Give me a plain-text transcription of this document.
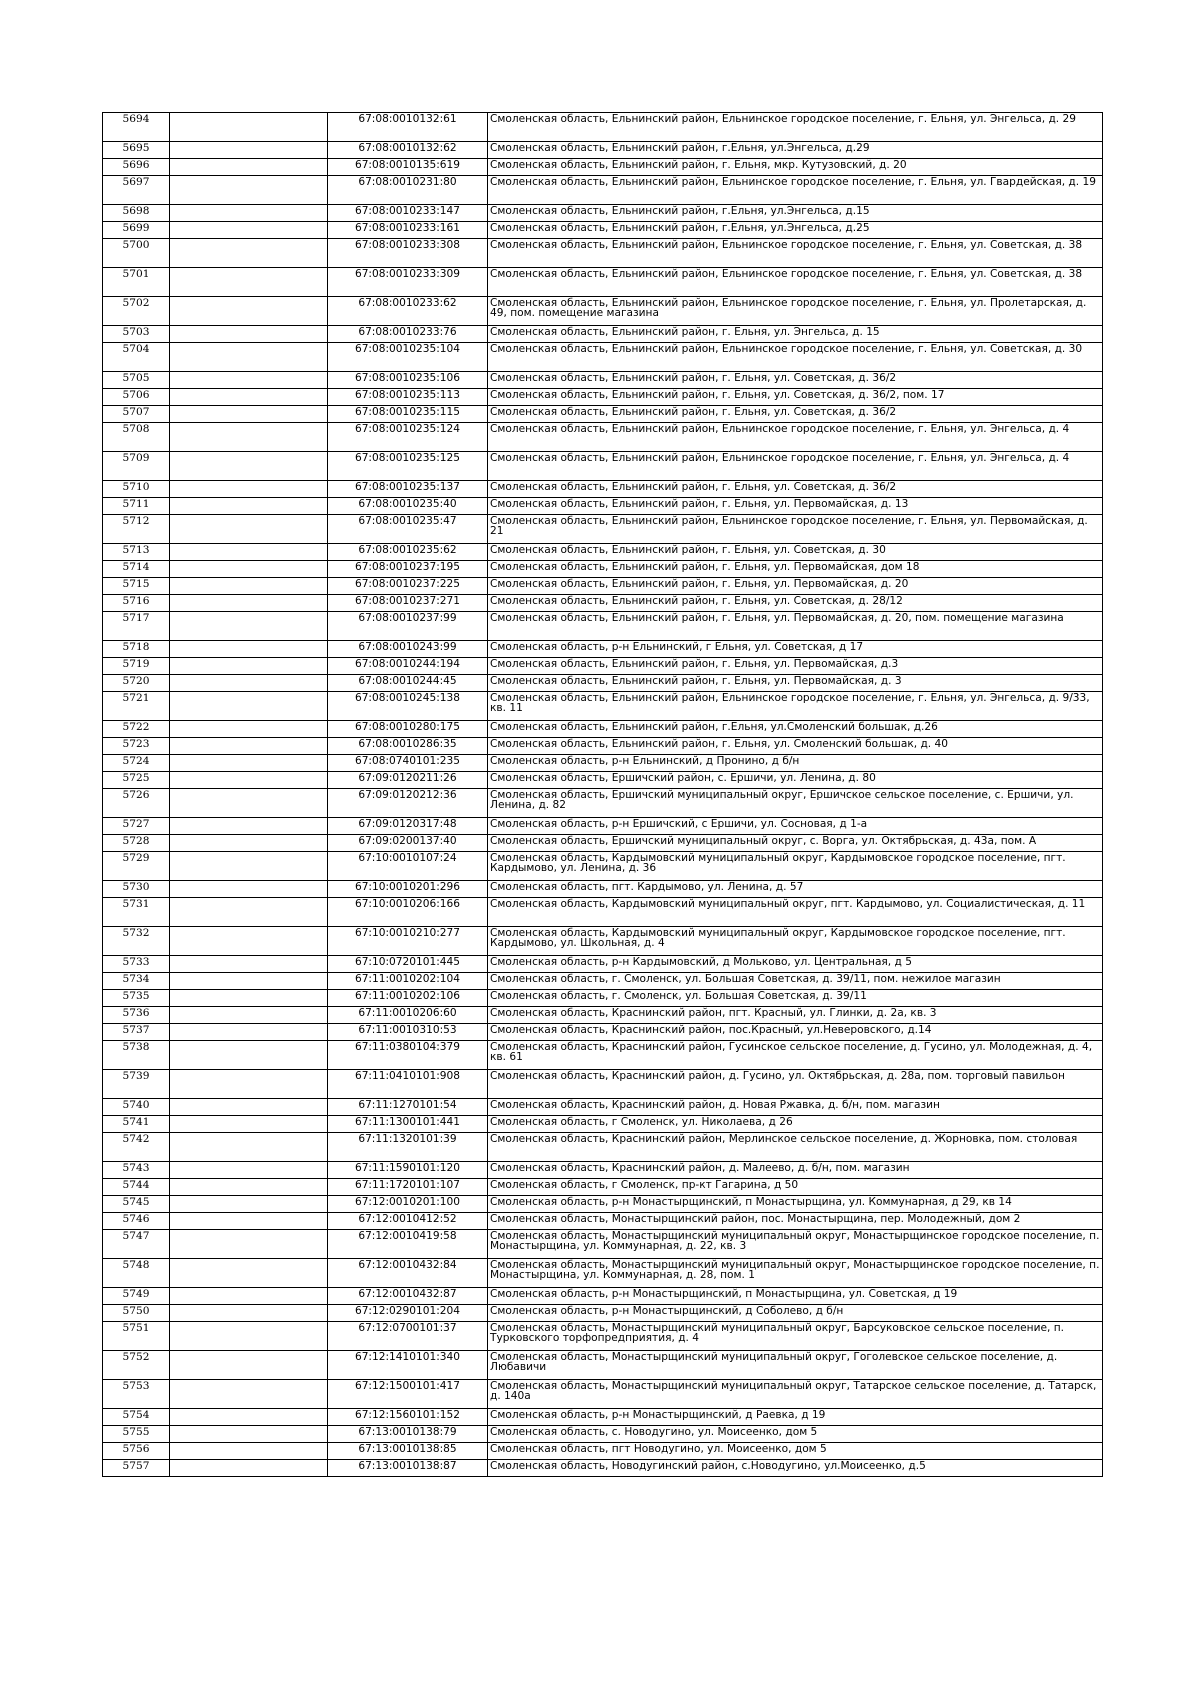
5694		67:08:0010132:61	Смоленская область, Ельнинский район, Ельнинское городское поселение, г. Ельня, ул. Энгельса, д. 29
5695		67:08:0010132:62	Смоленская область, Ельнинский район, г.Ельня, ул.Энгельса, д.29
5696		67:08:0010135:619	Смоленская область, Ельнинский район, г. Ельня, мкр. Кутузовский, д. 20
5697		67:08:0010231:80	Смоленская область, Ельнинский район, Ельнинское городское поселение, г. Ельня, ул. Гвардейская, д. 19
5698		67:08:0010233:147	Смоленская область, Ельнинский район, г.Ельня, ул.Энгельса, д.15
5699		67:08:0010233:161	Смоленская область, Ельнинский район, г.Ельня, ул.Энгельса, д.25
5700		67:08:0010233:308	Смоленская область, Ельнинский район, Ельнинское городское поселение, г. Ельня, ул. Советская, д. 38
5701		67:08:0010233:309	Смоленская область, Ельнинский район, Ельнинское городское поселение, г. Ельня, ул. Советская, д. 38
5702		67:08:0010233:62	Смоленская область, Ельнинский район, Ельнинское городское поселение, г. Ельня, ул. Пролетарская, д. 49, пом. помещение магазина
5703		67:08:0010233:76	Смоленская область, Ельнинский район, г. Ельня, ул. Энгельса, д. 15
5704		67:08:0010235:104	Смоленская область, Ельнинский район, Ельнинское городское поселение, г. Ельня, ул. Советская, д. 30
5705		67:08:0010235:106	Смоленская область, Ельнинский район, г. Ельня, ул. Советская, д. 36/2
5706		67:08:0010235:113	Смоленская область, Ельнинский район, г. Ельня, ул. Советская, д. 36/2, пом. 17
5707		67:08:0010235:115	Смоленская область, Ельнинский район, г. Ельня, ул. Советская, д. 36/2
5708		67:08:0010235:124	Смоленская область, Ельнинский район, Ельнинское городское поселение, г. Ельня, ул. Энгельса, д. 4
5709		67:08:0010235:125	Смоленская область, Ельнинский район, Ельнинское городское поселение, г. Ельня, ул. Энгельса, д. 4
5710		67:08:0010235:137	Смоленская область, Ельнинский район, г. Ельня, ул. Советская, д. 36/2
5711		67:08:0010235:40	Смоленская область, Ельнинский район, г. Ельня, ул. Первомайская, д. 13
5712		67:08:0010235:47	Смоленская область, Ельнинский район, Ельнинское городское поселение, г. Ельня, ул. Первомайская, д. 21
5713		67:08:0010235:62	Смоленская область, Ельнинский район, г. Ельня, ул. Советская, д. 30
5714		67:08:0010237:195	Смоленская область, Ельнинский район, г. Ельня, ул. Первомайская, дом 18
5715		67:08:0010237:225	Смоленская область, Ельнинский район, г. Ельня, ул. Первомайская, д. 20
5716		67:08:0010237:271	Смоленская область, Ельнинский район, г. Ельня, ул. Советская, д. 28/12
5717		67:08:0010237:99	Смоленская область, Ельнинский район, г. Ельня, ул. Первомайская, д. 20, пом. помещение магазина
5718		67:08:0010243:99	Смоленская область, р-н Ельнинский, г Ельня, ул. Советская, д 17
5719		67:08:0010244:194	Смоленская область, Ельнинский район, г. Ельня, ул. Первомайская, д.3
5720		67:08:0010244:45	Смоленская область, Ельнинский район, г. Ельня, ул. Первомайская, д. 3
5721		67:08:0010245:138	Смоленская область, Ельнинский район, Ельнинское городское поселение, г. Ельня, ул. Энгельса, д. 9/33, кв. 11
5722		67:08:0010280:175	Смоленская область, Ельнинский район, г.Ельня, ул.Смоленский большак, д.26
5723		67:08:0010286:35	Смоленская область, Ельнинский район, г. Ельня, ул. Смоленский большак, д. 40
5724		67:08:0740101:235	Смоленская область, р-н Ельнинский, д Пронино, д б/н
5725		67:09:0120211:26	Смоленская область, Ершичский район, с. Ершичи, ул. Ленина, д. 80
5726		67:09:0120212:36	Смоленская область, Ершичский муниципальный округ, Ершичское сельское поселение, с. Ершичи, ул. Ленина, д. 82
5727		67:09:0120317:48	Смоленская область, р-н Ершичский, с Ершичи, ул. Сосновая, д 1-а
5728		67:09:0200137:40	Смоленская область, Ершичский муниципальный округ, с. Ворга, ул. Октябрьская, д. 43а, пом. А
5729		67:10:0010107:24	Смоленская область, Кардымовский муниципальный округ, Кардымовское городское поселение, пгт. Кардымово, ул. Ленина, д. 36
5730		67:10:0010201:296	Смоленская область, пгт. Кардымово, ул. Ленина, д. 57
5731		67:10:0010206:166	Смоленская область, Кардымовский муниципальный округ, пгт. Кардымово, ул. Социалистическая, д. 11
5732		67:10:0010210:277	Смоленская область, Кардымовский муниципальный округ, Кардымовское городское поселение, пгт. Кардымово, ул. Школьная, д. 4
5733		67:10:0720101:445	Смоленская область, р-н Кардымовский, д Мольково, ул. Центральная, д 5
5734		67:11:0010202:104	Смоленская область, г. Смоленск, ул. Большая Советская, д. 39/11, пом. нежилое магазин
5735		67:11:0010202:106	Смоленская область, г. Смоленск, ул. Большая Советская, д. 39/11
5736		67:11:0010206:60	Смоленская область, Краснинский район, пгт. Красный, ул. Глинки, д. 2а, кв. 3
5737		67:11:0010310:53	Смоленская область, Краснинский район, пос.Красный, ул.Неверовского, д.14
5738		67:11:0380104:379	Смоленская область, Краснинский район, Гусинское сельское поселение, д. Гусино, ул. Молодежная, д. 4, кв. 61
5739		67:11:0410101:908	Смоленская область, Краснинский район, д. Гусино, ул. Октябрьская, д. 28а, пом. торговый павильон
5740		67:11:1270101:54	Смоленская область, Краснинский район, д. Новая Ржавка, д. б/н, пом. магазин
5741		67:11:1300101:441	Смоленская область, г Смоленск, ул. Николаева, д 26
5742		67:11:1320101:39	Смоленская область, Краснинский район, Мерлинское сельское поселение, д. Жорновка, пом. столовая
5743		67:11:1590101:120	Смоленская область, Краснинский район, д. Малеево, д. б/н, пом. магазин
5744		67:11:1720101:107	Смоленская область, г Смоленск, пр-кт Гагарина, д 50
5745		67:12:0010201:100	Смоленская область, р-н Монастырщинский, п Монастырщина, ул. Коммунарная, д 29, кв 14
5746		67:12:0010412:52	Смоленская область, Монастырщинский район, пос. Монастырщина, пер. Молодежный, дом 2
5747		67:12:0010419:58	Смоленская область, Монастырщинский муниципальный округ, Монастырщинское городское поселение, п. Монастырщина, ул. Коммунарная, д. 22, кв. 3
5748		67:12:0010432:84	Смоленская область, Монастырщинский муниципальный округ, Монастырщинское городское поселение, п. Монастырщина, ул. Коммунарная, д. 28, пом. 1
5749		67:12:0010432:87	Смоленская область, р-н Монастырщинский, п Монастырщина, ул. Советская, д 19
5750		67:12:0290101:204	Смоленская область, р-н Монастырщинский, д Соболево, д б/н
5751		67:12:0700101:37	Смоленская область, Монастырщинский муниципальный округ, Барсуковское сельское поселение, п. Турковского торфопредприятия, д. 4
5752		67:12:1410101:340	Смоленская область, Монастырщинский муниципальный округ, Гоголевское сельское поселение, д. Любавичи
5753		67:12:1500101:417	Смоленская область, Монастырщинский муниципальный округ, Татарское сельское поселение, д. Татарск, д. 140а
5754		67:12:1560101:152	Смоленская область, р-н Монастырщинский, д Раевка, д 19
5755		67:13:0010138:79	Смоленская область, с. Новодугино, ул. Моисеенко, дом 5
5756		67:13:0010138:85	Смоленская область, пгт Новодугино, ул. Моисеенко, дом 5
5757		67:13:0010138:87	Смоленская область, Новодугинский район, с.Новодугино, ул.Моисеенко, д.5
